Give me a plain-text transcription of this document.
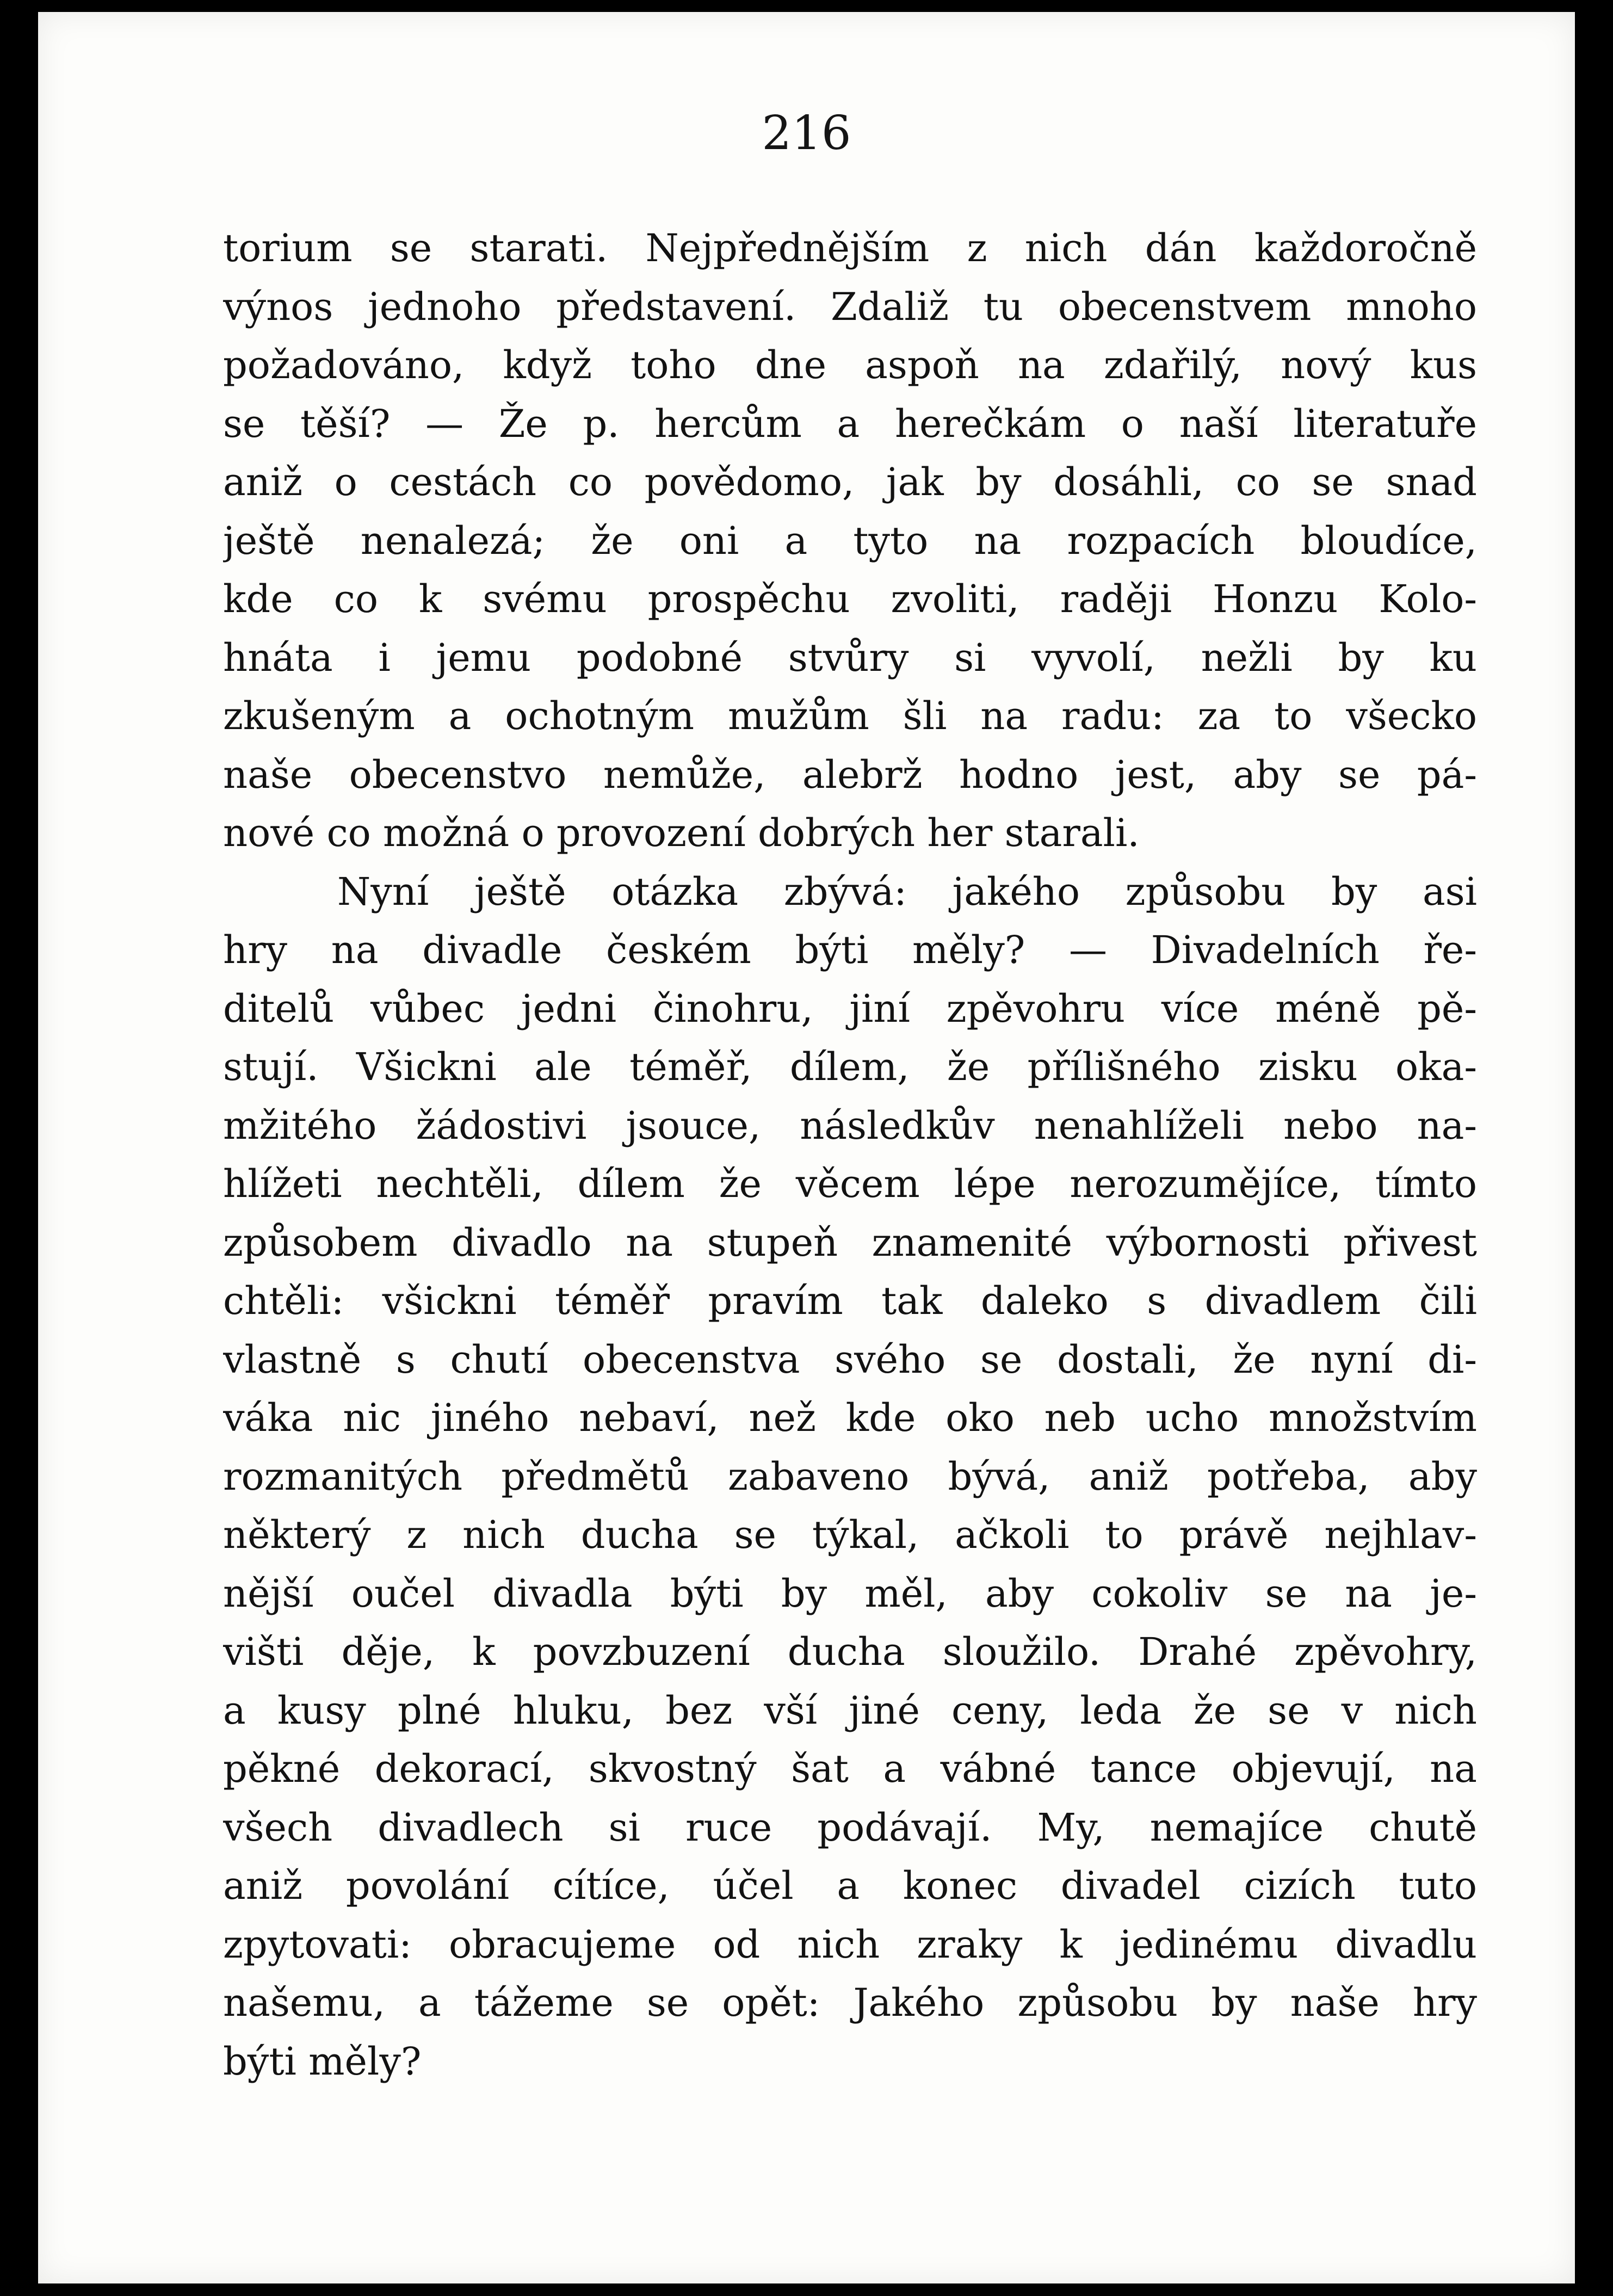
216
torium se starati. Nejpřednějším z nich dán každoročně
výnos jednoho představení. Zdaliž tu obecenstvem mnoho
požadováno, když toho dne aspoň na zdařilý, nový kus
se těší? — Že p. hercům a herečkám o naší literatuře
aniž o cestách co povědomo, jak by dosáhli, co se snad
ještě nenalezá; že oni a tyto na rozpacích bloudíce,
kde co k svému prospěchu zvoliti, raději Honzu Kolo-
hnáta i jemu podobné stvůry si vyvolí, nežli by ku
zkušeným a ochotným mužům šli na radu: za to všecko
naše obecenstvo nemůže, alebrž hodno jest, aby se pá-
nové co možná o provození dobrých her starali.
Nyní ještě otázka zbývá: jakého způsobu by asi
hry na divadle českém býti měly? — Divadelních ře-
ditelů vůbec jedni činohru, jiní zpěvohru více méně pě-
stují. Všickni ale téměř, dílem, že přílišného zisku oka-
mžitého žádostivi jsouce, následkův nenahlíželi nebo na-
hlížeti nechtěli, dílem že věcem lépe nerozumějíce, tímto
způsobem divadlo na stupeň znamenité výbornosti přivest
chtěli: všickni téměř pravím tak daleko s divadlem čili
vlastně s chutí obecenstva svého se dostali, že nyní di-
váka nic jiného nebaví, než kde oko neb ucho množstvím
rozmanitých předmětů zabaveno bývá, aniž potřeba, aby
některý z nich ducha se týkal, ačkoli to právě nejhlav-
nější oučel divadla býti by měl, aby cokoliv se na je-
višti děje, k povzbuzení ducha sloužilo. Drahé zpěvohry,
a kusy plné hluku, bez vší jiné ceny, leda že se v nich
pěkné dekorací, skvostný šat a vábné tance objevují, na
všech divadlech si ruce podávají. My, nemajíce chutě
aniž povolání cítíce, účel a konec divadel cizích tuto
zpytovati: obracujeme od nich zraky k jedinému divadlu
našemu, a tážeme se opět: Jakého způsobu by naše hry
býti měly?
